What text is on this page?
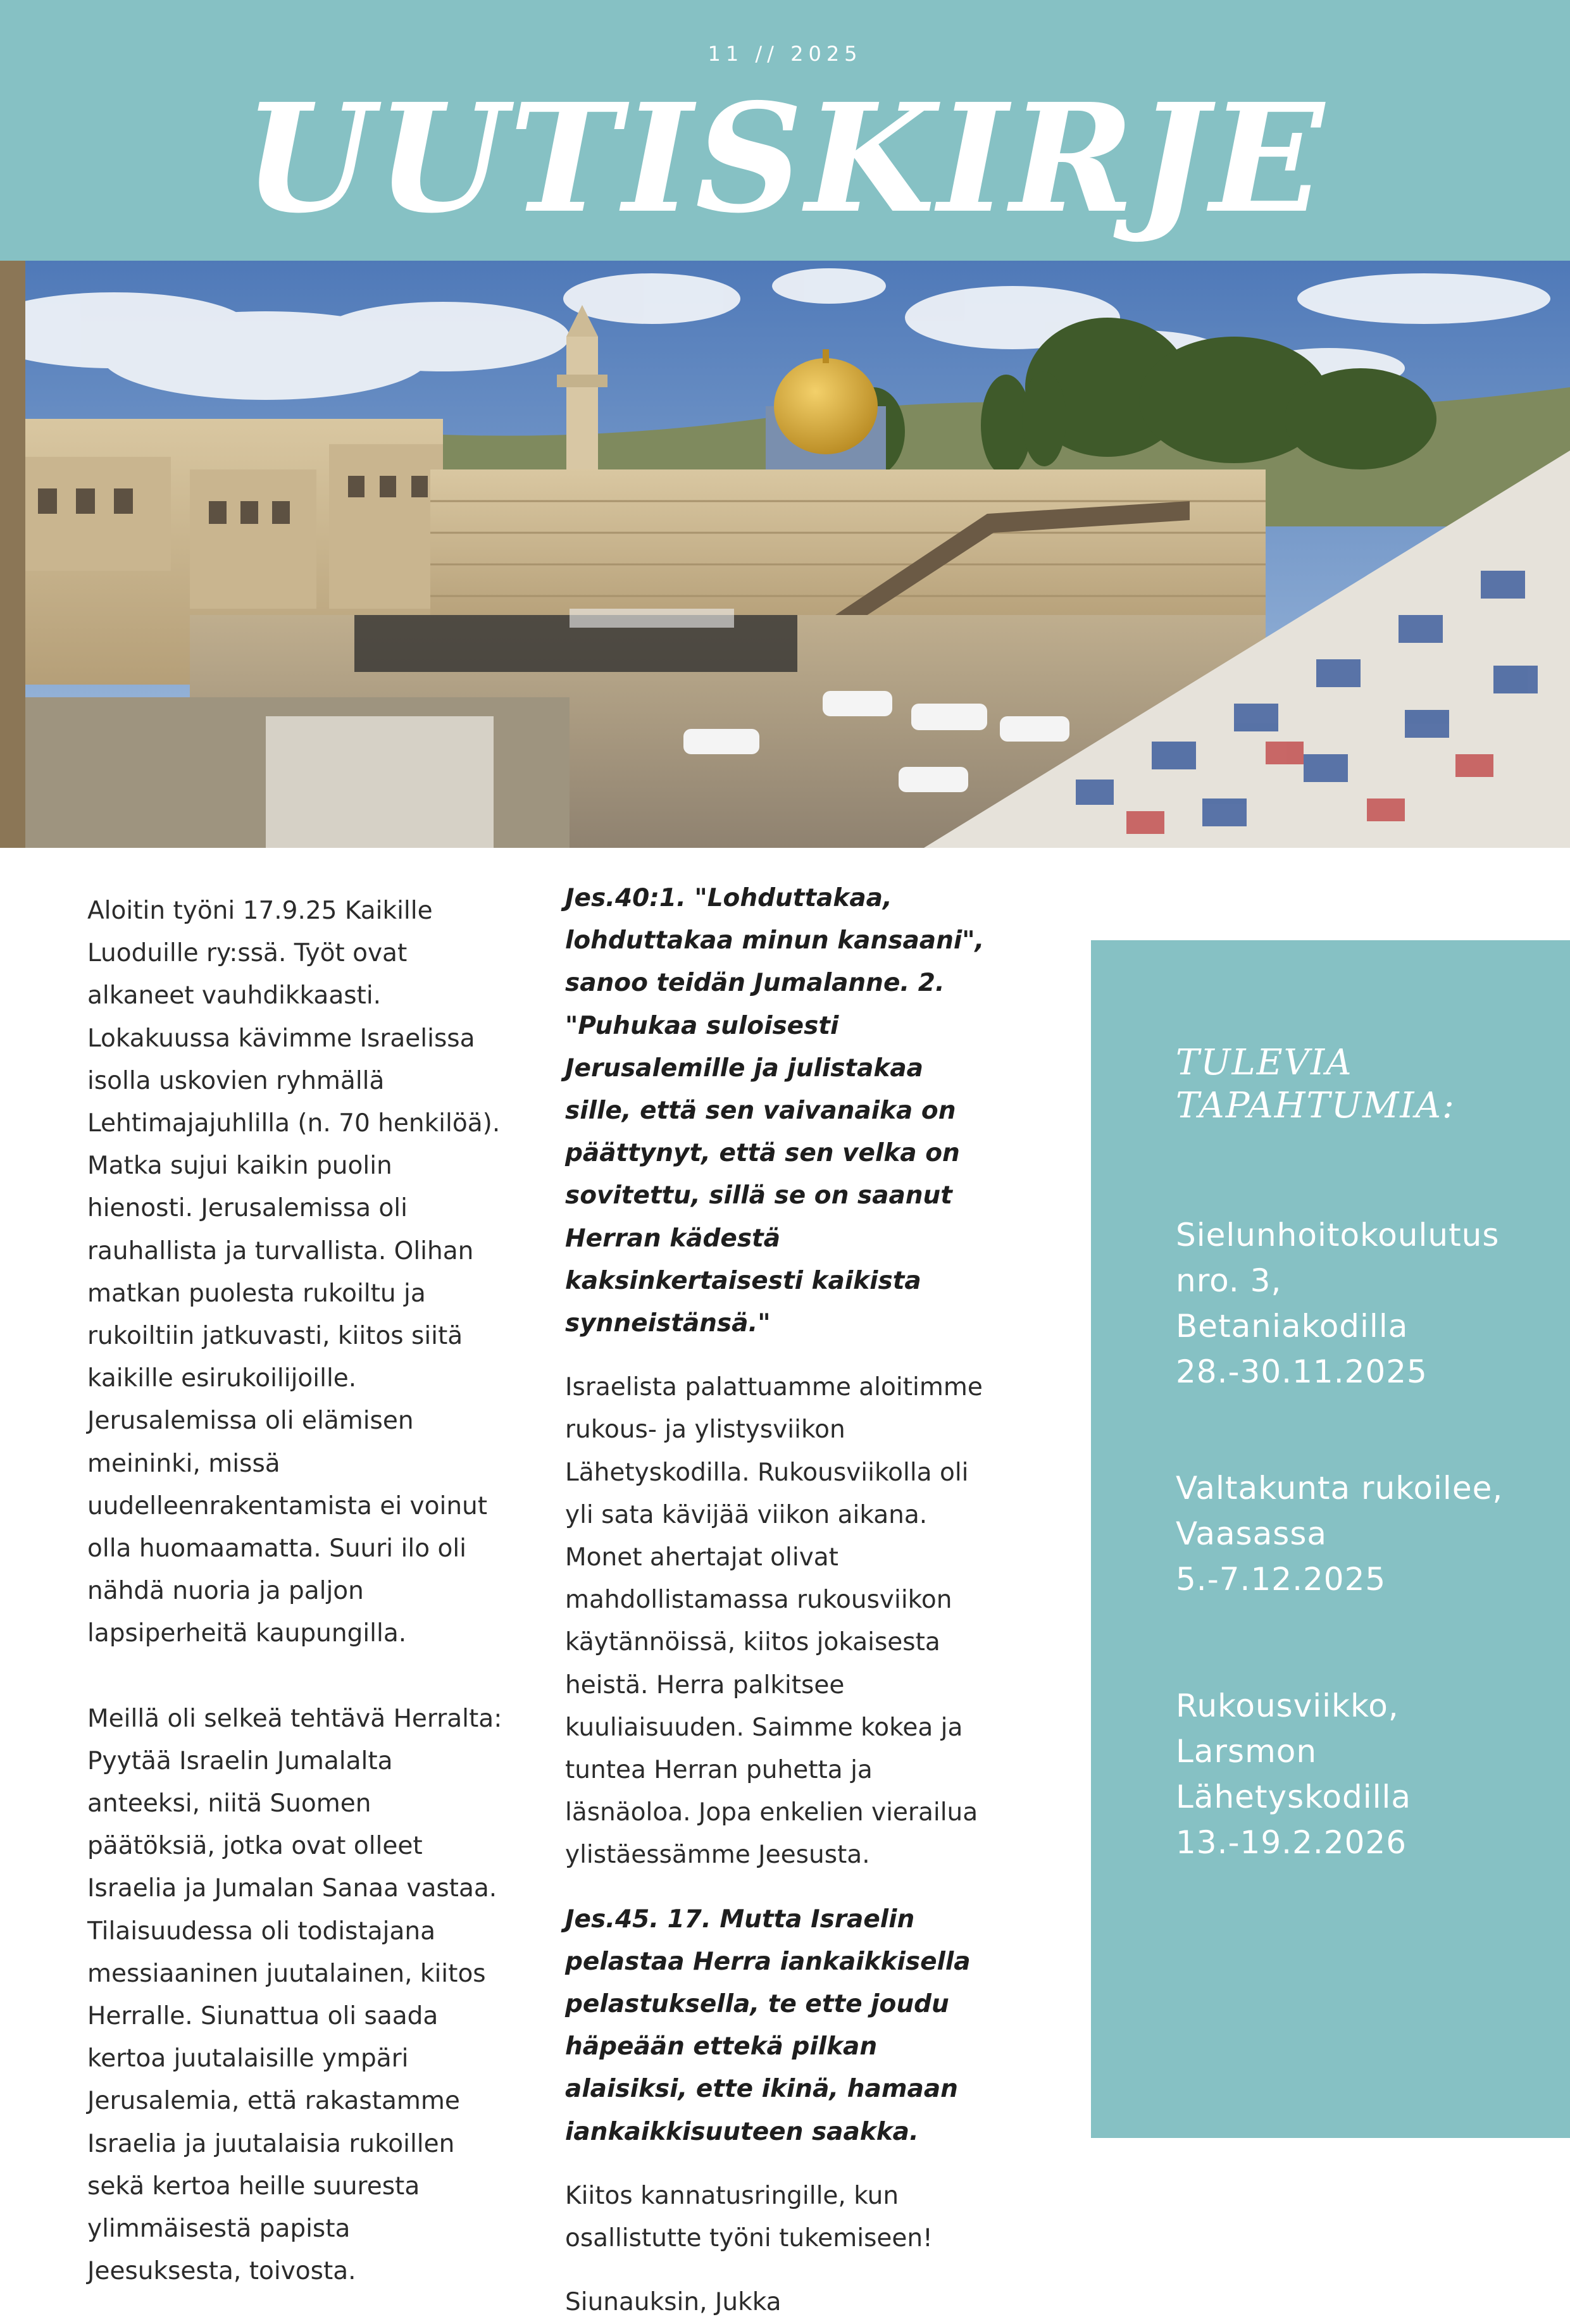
11 // 2025
UUTISKIRJE

Aloitin työni 17.9.25 Kaikille Luoduille ry:ssä. Työt ovat alkaneet vauhdikkaasti. Lokakuussa kävimme Israelissa isolla uskovien ryhmällä Lehtimajajuhlilla (n. 70 henkilöä). Matka sujui kaikin puolin hienosti. Jerusalemissa oli rauhallista ja turvallista. Olihan matkan puolesta rukoiltu ja rukoiltiin jatkuvasti, kiitos siitä kaikille esirukoilijoille. Jerusalemissa oli elämisen meininki, missä uudelleenrakentamista ei voinut olla huomaamatta. Suuri ilo oli nähdä nuoria ja paljon lapsiperheitä kaupungilla.

Meillä oli selkeä tehtävä Herralta: Pyytää Israelin Jumalalta anteeksi, niitä Suomen päätöksiä, jotka ovat olleet Israelia ja Jumalan Sanaa vastaa. Tilaisuudessa oli todistajana messiaaninen juutalainen, kiitos Herralle. Siunattua oli saada kertoa juutalaisille ympäri Jerusalemia, että rakastamme Israelia ja juutalaisia rukoillen sekä kertoa heille suuresta ylimmäisestä papista Jeesuksesta, toivosta.

Jes.40:1. "Lohduttakaa, lohduttakaa minun kansaani", sanoo teidän Jumalanne. 2. "Puhukaa suloisesti Jerusalemille ja julistakaa sille, että sen vaivanaika on päättynyt, että sen velka on sovitettu, sillä se on saanut Herran kädestä kaksinkertaisesti kaikista synneistänsä."

Israelista palattuamme aloitimme rukous- ja ylistysviikon Lähetyskodilla. Rukousviikolla oli yli sata kävijää viikon aikana. Monet ahertajat olivat mahdollistamassa rukousviikon käytännöissä, kiitos jokaisesta heistä. Herra palkitsee kuuliaisuuden. Saimme kokea ja tuntea Herran puhetta ja läsnäoloa. Jopa enkelien vierailua ylistäessämme Jeesusta.

Jes.45. 17. Mutta Israelin pelastaa Herra iankaikkisella pelastuksella, te ette joudu häpeään ettekä pilkan alaisiksi, ette ikinä, hamaan iankaikkisuuteen saakka.

Kiitos kannatusringille, kun osallistutte työni tukemiseen!

Siunauksin, Jukka

TULEVIA TAPAHTUMIA:
Sielunhoitokoulutus
nro. 3,
Betaniakodilla
28.-30.11.2025
Valtakunta rukoilee,
Vaasassa
5.-7.12.2025
Rukousviikko,
Larsmon
Lähetyskodilla
13.-19.2.2026
